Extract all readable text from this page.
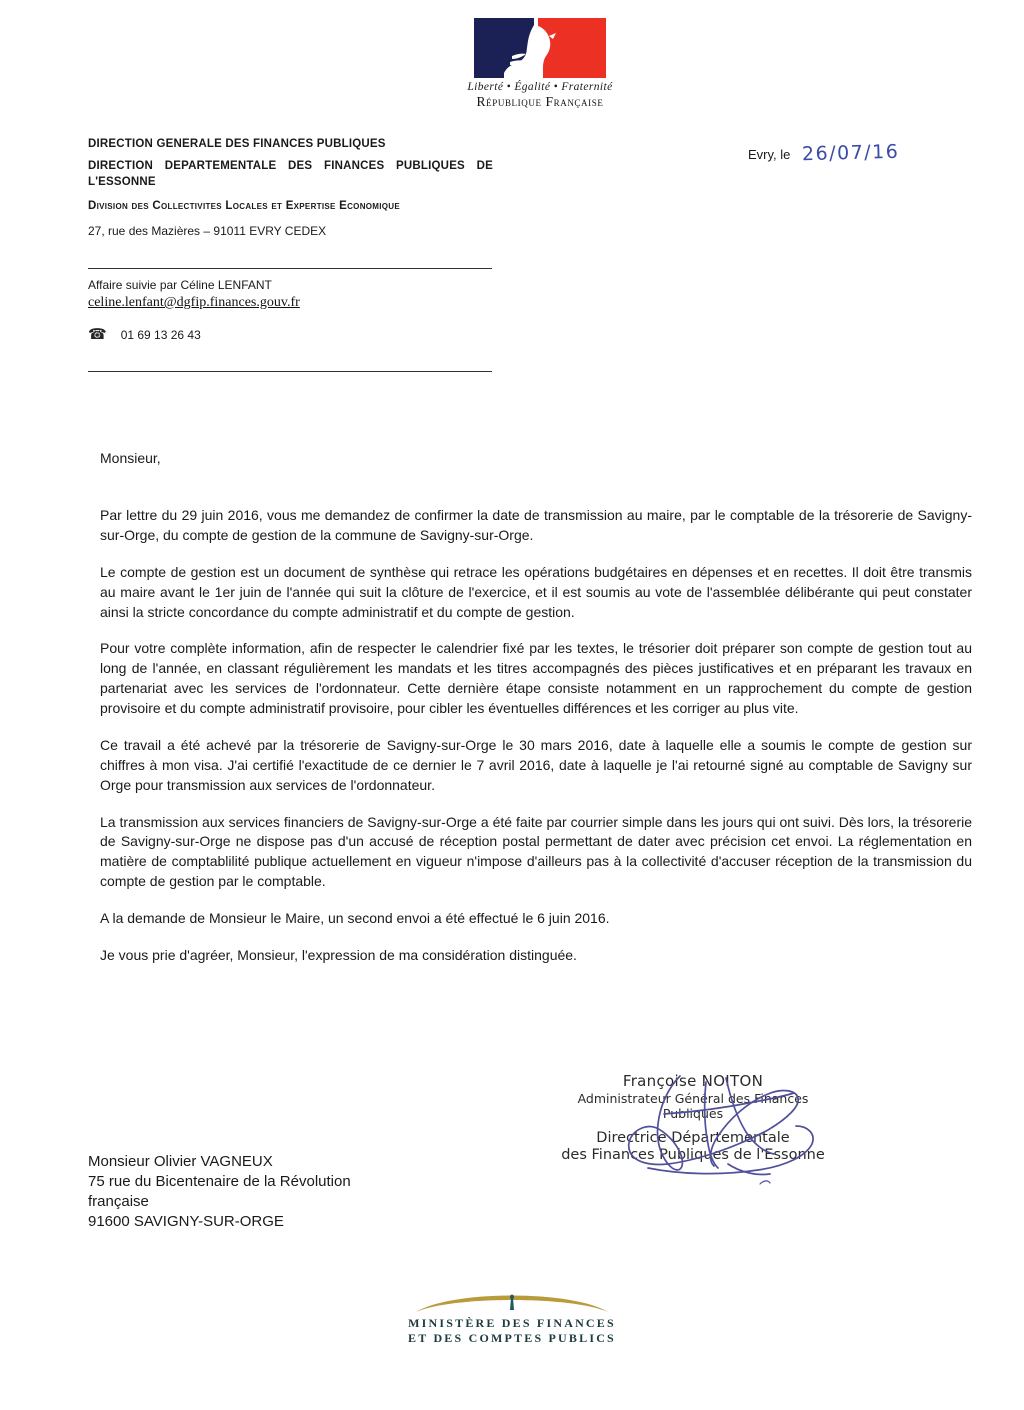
Liberté • Égalité • Fraternité
République Française
DIRECTION GENERALE DES FINANCES PUBLIQUES
DIRECTION DEPARTEMENTALE DES FINANCES PUBLIQUES DE L'ESSONNE
Division des Collectivites Locales et Expertise Economique
27, rue des Mazières – 91011 EVRY CEDEX
Affaire suivie par Céline LENFANT
celine.lenfant@dgfip.finances.gouv.fr
☎ 01 69 13 26 43
Evry, le 26/07/16
Monsieur,

Par lettre du 29 juin 2016, vous me demandez de confirmer la date de transmission au maire, par le comptable de la trésorerie de Savigny-sur-Orge, du compte de gestion de la commune de Savigny-sur-Orge.

Le compte de gestion est un document de synthèse qui retrace les opérations budgétaires en dépenses et en recettes. Il doit être transmis au maire avant le 1er juin de l'année qui suit la clôture de l'exercice, et il est soumis au vote de l'assemblée délibérante qui peut constater ainsi la stricte concordance du compte administratif et du compte de gestion.

Pour votre complète information, afin de respecter le calendrier fixé par les textes, le trésorier doit préparer son compte de gestion tout au long de l'année, en classant régulièrement les mandats et les titres accompagnés des pièces justificatives et en préparant les travaux en partenariat avec les services de l'ordonnateur. Cette dernière étape consiste notamment en un rapprochement du compte de gestion provisoire et du compte administratif provisoire, pour cibler les éventuelles différences et les corriger au plus vite.

Ce travail a été achevé par la trésorerie de Savigny-sur-Orge le 30 mars 2016, date à laquelle elle a soumis le compte de gestion sur chiffres à mon visa. J'ai certifié l'exactitude de ce dernier le 7 avril 2016, date à laquelle je l'ai retourné signé au comptable de Savigny sur Orge pour transmission aux services de l'ordonnateur.

La transmission aux services financiers de Savigny-sur-Orge a été faite par courrier simple dans les jours qui ont suivi. Dès lors, la trésorerie de Savigny-sur-Orge ne dispose pas d'un accusé de réception postal permettant de dater avec précision cet envoi. La réglementation en matière de comptablilité publique actuellement en vigueur n'impose d'ailleurs pas à la collectivité d'accuser réception de la transmission du compte de gestion par le comptable.

A la demande de Monsieur le Maire, un second envoi a été effectué le 6 juin 2016.

Je vous prie d'agréer, Monsieur, l'expression de ma considération distinguée.

Françoise NOITON
Administrateur Général des Finances Publiques
Directrice Départementale
des Finances Publiques de l'Essonne
Monsieur Olivier VAGNEUX
75 rue du Bicentenaire de la Révolution
française
91600 SAVIGNY-SUR-ORGE
MINISTÈRE DES FINANCES
ET DES COMPTES PUBLICS
